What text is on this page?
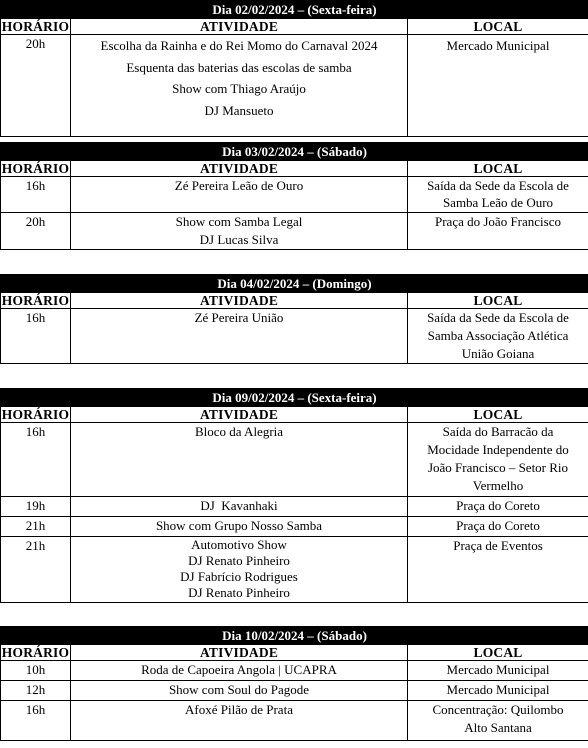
Dia 02/02/2024 – (Sexta-feira)		
HORÁRIO	ATIVIDADE	LOCAL
20h	Escolha da Rainha e do Rei Momo do Carnaval 2024
Esquenta das baterias das escolas de samba
Show com Thiago Araújo
DJ Mansueto	Mercado Municipal
Dia 03/02/2024 – (Sábado)		
HORÁRIO	ATIVIDADE	LOCAL
16h	Zé Pereira Leão de Ouro	Saída da Sede da Escola de
Samba Leão de Ouro

20h	Show com Samba Legal
DJ Lucas Silva	Praça do João Francisco
Dia 04/02/2024 – (Domingo)		
HORÁRIO	ATIVIDADE	LOCAL
16h	Zé Pereira União	Saída da Sede da Escola de
Samba Associação Atlética
União Goiana
Dia 09/02/2024 – (Sexta-feira)		
HORÁRIO	ATIVIDADE	LOCAL
16h	Bloco da Alegria	Saída do Barracão da
Mocidade Independente do
João Francisco – Setor Rio
Vermelho

19h	DJ  Kavanhaki	Praça do Coreto

21h	Show com Grupo Nosso Samba	Praça do Coreto

21h	Automotivo Show
DJ Renato Pinheiro
DJ Fabrício Rodrigues
DJ Renato Pinheiro	Praça de Eventos
Dia 10/02/2024 – (Sábado)		
HORÁRIO	ATIVIDADE	LOCAL
10h	Roda de Capoeira Angola | UCAPRA	Mercado Municipal

12h	Show com Soul do Pagode	Mercado Municipal

16h	Afoxé Pilão de Prata	Concentração: Quilombo
Alto Santana
